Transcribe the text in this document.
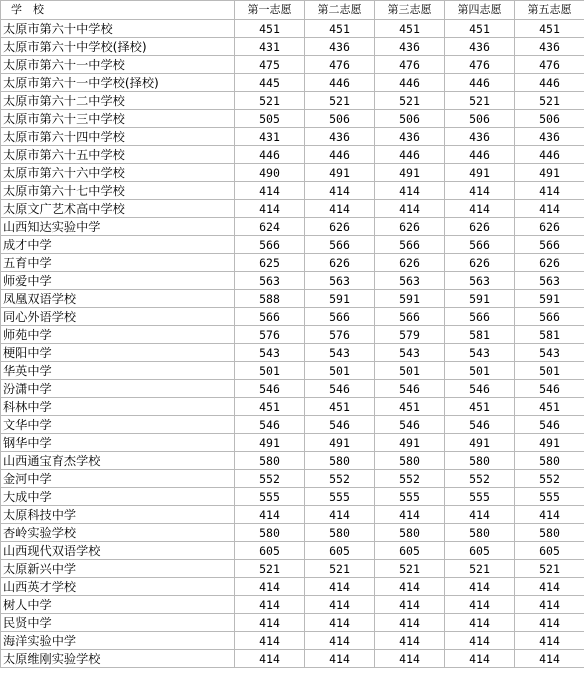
学　校	第一志愿	第二志愿	第三志愿	第四志愿	第五志愿
太原市第六十中学校	451	451	451	451	451
太原市第六十中学校(择校)	431	436	436	436	436
太原市第六十一中学校	475	476	476	476	476
太原市第六十一中学校(择校)	445	446	446	446	446
太原市第六十二中学校	521	521	521	521	521
太原市第六十三中学校	505	506	506	506	506
太原市第六十四中学校	431	436	436	436	436
太原市第六十五中学校	446	446	446	446	446
太原市第六十六中学校	490	491	491	491	491
太原市第六十七中学校	414	414	414	414	414
太原文广艺术高中学校	414	414	414	414	414
山西知达实验中学	624	626	626	626	626
成才中学	566	566	566	566	566
五育中学	625	626	626	626	626
师爱中学	563	563	563	563	563
凤凰双语学校	588	591	591	591	591
同心外语学校	566	566	566	566	566
师苑中学	576	576	579	581	581
梗阳中学	543	543	543	543	543
华英中学	501	501	501	501	501
汾潇中学	546	546	546	546	546
科林中学	451	451	451	451	451
文华中学	546	546	546	546	546
钢华中学	491	491	491	491	491
山西通宝育杰学校	580	580	580	580	580
金河中学	552	552	552	552	552
大成中学	555	555	555	555	555
太原科技中学	414	414	414	414	414
杏岭实验学校	580	580	580	580	580
山西现代双语学校	605	605	605	605	605
太原新兴中学	521	521	521	521	521
山西英才学校	414	414	414	414	414
树人中学	414	414	414	414	414
民贤中学	414	414	414	414	414
海洋实验中学	414	414	414	414	414
太原维刚实验学校	414	414	414	414	414
